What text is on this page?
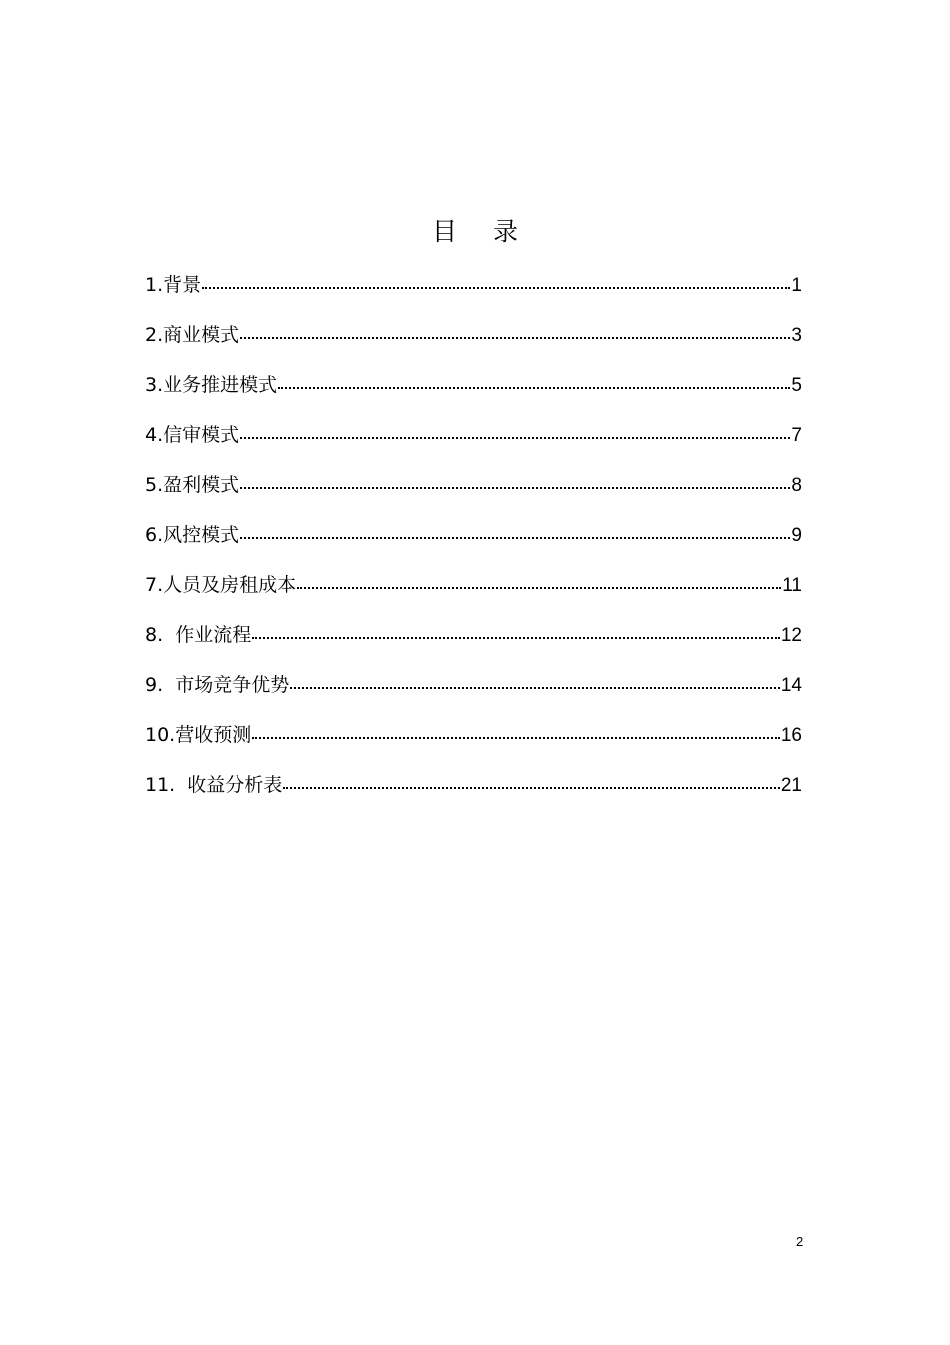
目 录
1.背景	1
2.商业模式	3
3.业务推进模式	5
4.信审模式	7
5.盈利模式	8
6.风控模式	9
7.人员及房租成本	11
8.  作业流程	12
9.  市场竞争优势	14
10.营收预测	16
11.  收益分析表	21
2
